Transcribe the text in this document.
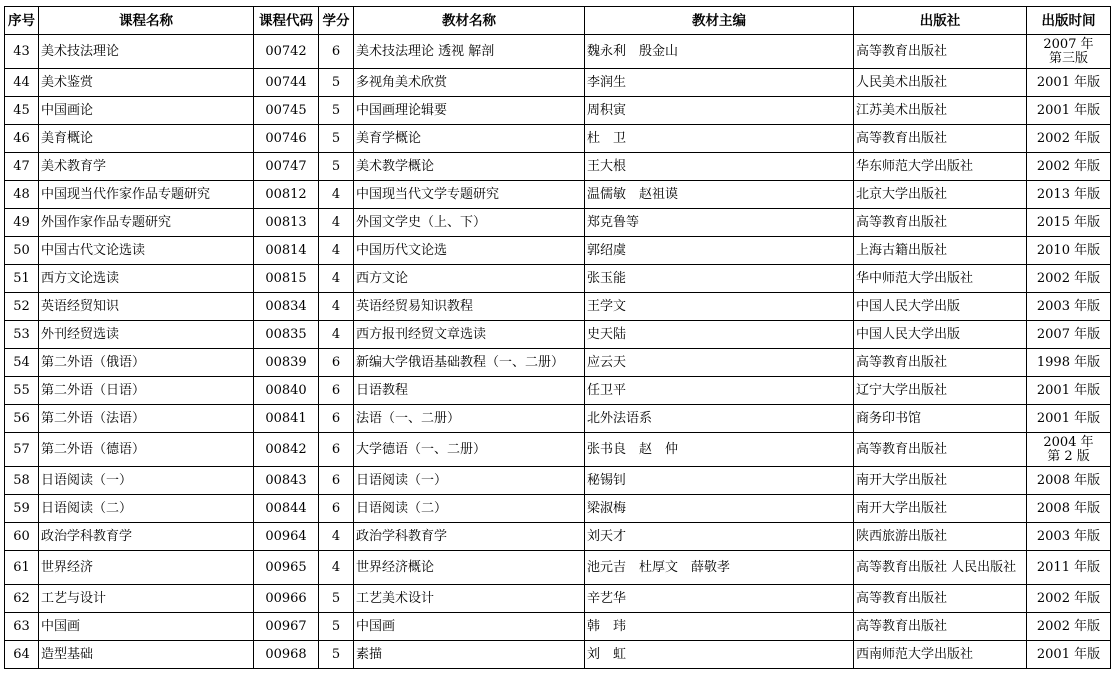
序号	课程名称	课程代码	学分	教材名称	教材主编	出版社	出版时间
43	美术技法理论	00742	6	美术技法理论 透视 解剖	魏永利　殷金山	高等教育出版社	2007 年
第三版

44	美术鉴赏	00744	5	多视角美术欣赏	李润生	人民美术出版社	2001 年版

45	中国画论	00745	5	中国画理论辑要	周积寅	江苏美术出版社	2001 年版

46	美育概论	00746	5	美育学概论	杜　卫	高等教育出版社	2002 年版

47	美术教育学	00747	5	美术教学概论	王大根	华东师范大学出版社	2002 年版

48	中国现当代作家作品专题研究	00812	4	中国现当代文学专题研究	温儒敏　赵祖谟	北京大学出版社	2013 年版

49	外国作家作品专题研究	00813	4	外国文学史（上、下）	郑克鲁等	高等教育出版社	2015 年版

50	中国古代文论选读	00814	4	中国历代文论选	郭绍虞	上海古籍出版社	2010 年版

51	西方文论选读	00815	4	西方文论	张玉能	华中师范大学出版社	2002 年版

52	英语经贸知识	00834	4	英语经贸易知识教程	王学文	中国人民大学出版	2003 年版

53	外刊经贸选读	00835	4	西方报刊经贸文章选读	史天陆	中国人民大学出版	2007 年版

54	第二外语（俄语）	00839	6	新编大学俄语基础教程（一、二册）	应云天	高等教育出版社	1998 年版

55	第二外语（日语）	00840	6	日语教程	任卫平	辽宁大学出版社	2001 年版

56	第二外语（法语）	00841	6	法语（一、二册）	北外法语系	商务印书馆	2001 年版

57	第二外语（德语）	00842	6	大学德语（一、二册）	张书良　赵　仲	高等教育出版社	2004 年
第 2 版

58	日语阅读（一）	00843	6	日语阅读（一）	秘锡钊	南开大学出版社	2008 年版

59	日语阅读（二）	00844	6	日语阅读（二）	梁淑梅	南开大学出版社	2008 年版

60	政治学科教育学	00964	4	政治学科教育学	刘天才	陕西旅游出版社	2003 年版

61	世界经济	00965	4	世界经济概论	池元吉　杜厚文　薛敬孝	高等教育出版社 人民出版社	2011 年版

62	工艺与设计	00966	5	工艺美术设计	辛艺华	高等教育出版社	2002 年版

63	中国画	00967	5	中国画	韩　玮	高等教育出版社	2002 年版

64	造型基础	00968	5	素描	刘　虹	西南师范大学出版社	2001 年版
